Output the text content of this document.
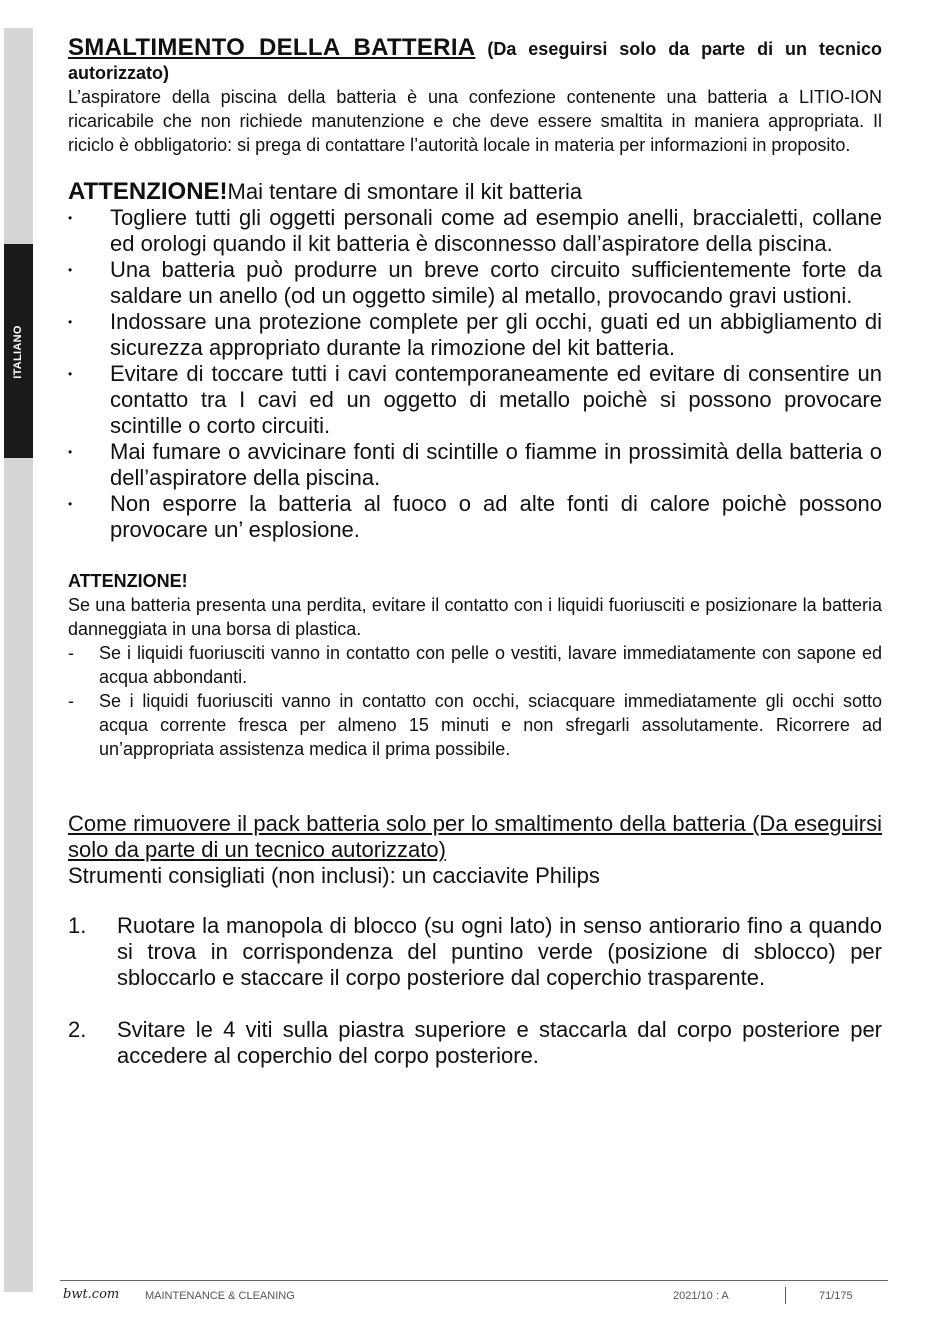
ITALIANO
SMALTIMENTO DELLA BATTERIA (Da eseguirsi solo da parte di un tecnico autorizzato)

L’aspiratore della piscina della batteria è una confezione contenente una batteria a LITIO-ION ricaricabile che non richiede manutenzione e che deve essere smaltita in maniera appropriata. Il riciclo è obbligatorio: si prega di contattare l’autorità locale in materia per informazioni in proposito.

ATTENZIONE!Mai tentare di smontare il kit batteria
• Togliere tutti gli oggetti personali come ad esempio anelli, braccialetti, collane ed orologi quando il kit batteria è disconnesso dall’aspiratore della piscina.
• Una batteria può produrre un breve corto circuito sufficientemente forte da saldare un anello (od un oggetto simile) al metallo, provocando gravi ustioni.
• Indossare una protezione complete per gli occhi, guati ed un abbigliamento di sicurezza appropriato durante la rimozione del kit batteria.
• Evitare di toccare tutti i cavi contemporaneamente ed evitare di consentire un contatto tra I cavi ed un oggetto di metallo poichè si possono provocare scintille o corto circuiti.
• Mai fumare o avvicinare fonti di scintille o fiamme in prossimità della batteria o dell’aspiratore della piscina.
• Non esporre la batteria al fuoco o ad alte fonti di calore poichè possono provocare un’ esplosione.
ATTENZIONE!

Se una batteria presenta una perdita, evitare il contatto con i liquidi fuoriusciti e posizionare la batteria danneggiata in una borsa di plastica.

- Se i liquidi fuoriusciti vanno in contatto con pelle o vestiti, lavare immediatamente con sapone ed acqua abbondanti.
- Se i liquidi fuoriusciti vanno in contatto con occhi, sciacquare immediatamente gli occhi sotto acqua corrente fresca per almeno 15 minuti e non sfregarli assolutamente. Ricorrere ad un’appropriata assistenza medica il prima possibile.
Come rimuovere il pack batteria solo per lo smaltimento della batteria (Da eseguirsi solo da parte di un tecnico autorizzato)
Strumenti consigliati (non inclusi): un cacciavite Philips
1. Ruotare la manopola di blocco (su ogni lato) in senso antiorario fino a quando si trova in corrispondenza del puntino verde (posizione di sblocco) per sbloccarlo e staccare il corpo posteriore dal coperchio trasparente.
2. Svitare le 4 viti sulla piastra superiore e staccarla dal corpo posteriore per accedere al coperchio del corpo posteriore.
bwt.com MAINTENANCE & CLEANING	2021/10 : A	71/175
